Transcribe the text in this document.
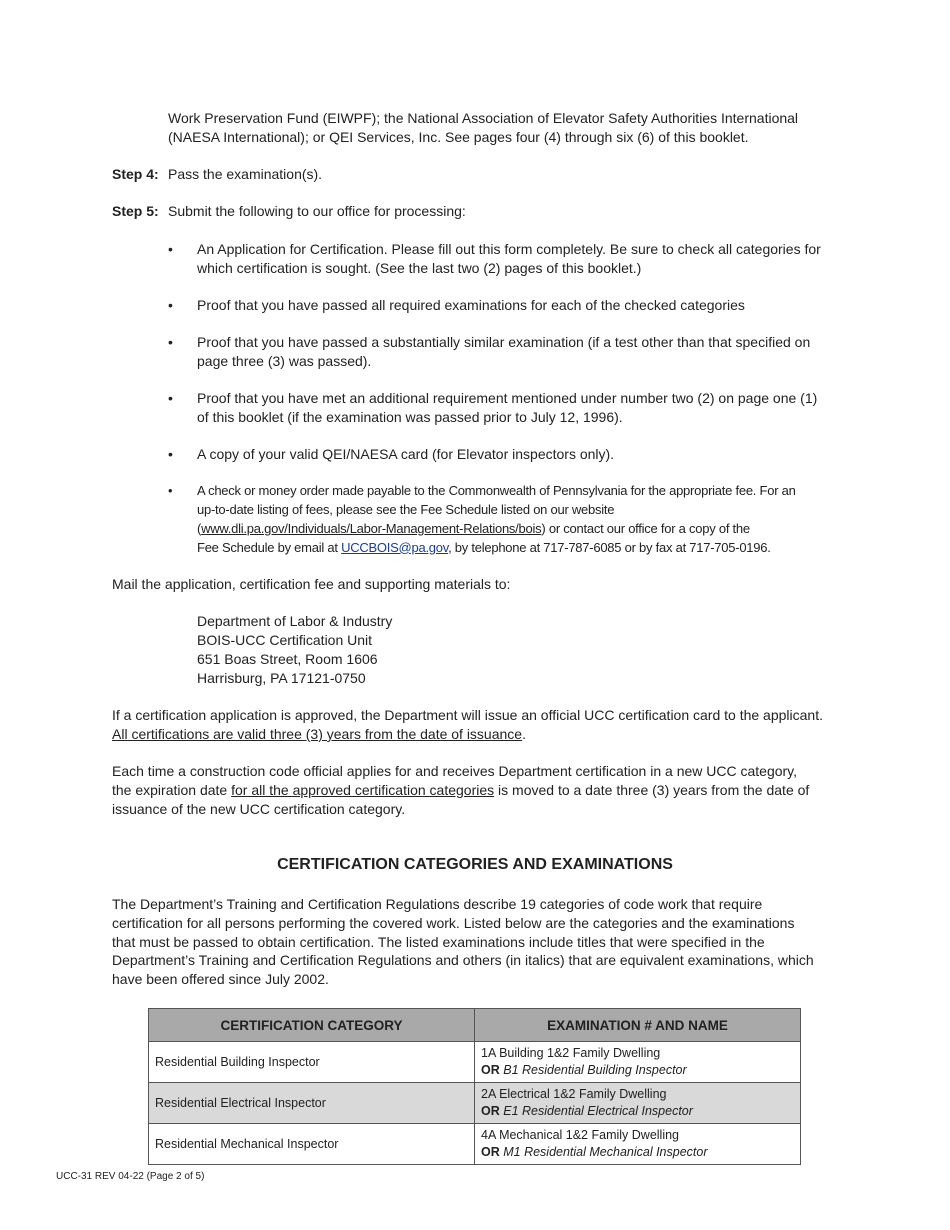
Work Preservation Fund (EIWPF); the National Association of Elevator Safety Authorities International
(NAESA International); or QEI Services, Inc. See pages four (4) through six (6) of this booklet.

Step 4: Pass the examination(s).

Step 5: Submit the following to our office for processing:

• An Application for Certification. Please fill out this form completely. Be sure to check all categories for
which certification is sought. (See the last two (2) pages of this booklet.)
• Proof that you have passed all required examinations for each of the checked categories
• Proof that you have passed a substantially similar examination (if a test other than that specified on
page three (3) was passed).
• Proof that you have met an additional requirement mentioned under number two (2) on page one (1)
of this booklet (if the examination was passed prior to July 12, 1996).
• A copy of your valid QEI/NAESA card (for Elevator inspectors only).
• A check or money order made payable to the Commonwealth of Pennsylvania for the appropriate fee. For an
up-to-date listing of fees, please see the Fee Schedule listed on our website
(www.dli.pa.gov/Individuals/Labor-Management-Relations/bois) or contact our office for a copy of the
Fee Schedule by email at UCCBOIS@pa.gov, by telephone at 717-787-6085 or by fax at 717-705-0196.

Mail the application, certification fee and supporting materials to:

Department of Labor & Industry
BOIS-UCC Certification Unit
651 Boas Street, Room 1606
Harrisburg, PA 17121-0750

If a certification application is approved, the Department will issue an official UCC certification card to the applicant.
All certifications are valid three (3) years from the date of issuance.

Each time a construction code official applies for and receives Department certification in a new UCC category,
the expiration date for all the approved certification categories is moved to a date three (3) years from the date of
issuance of the new UCC certification category.

CERTIFICATION CATEGORIES AND EXAMINATIONS

The Department’s Training and Certification Regulations describe 19 categories of code work that require
certification for all persons performing the covered work. Listed below are the categories and the examinations
that must be passed to obtain certification. The listed examinations include titles that were specified in the
Department’s Training and Certification Regulations and others (in italics) that are equivalent examinations, which
have been offered since July 2002.

CERTIFICATION CATEGORY	EXAMINATION # AND NAME
Residential Building Inspector	1A Building 1&2 Family Dwelling
OR B1 Residential Building Inspector
Residential Electrical Inspector	2A Electrical 1&2 Family Dwelling
OR E1 Residential Electrical Inspector
Residential Mechanical Inspector	4A Mechanical 1&2 Family Dwelling
OR M1 Residential Mechanical Inspector
UCC-31 REV 04-22 (Page 2 of 5)
